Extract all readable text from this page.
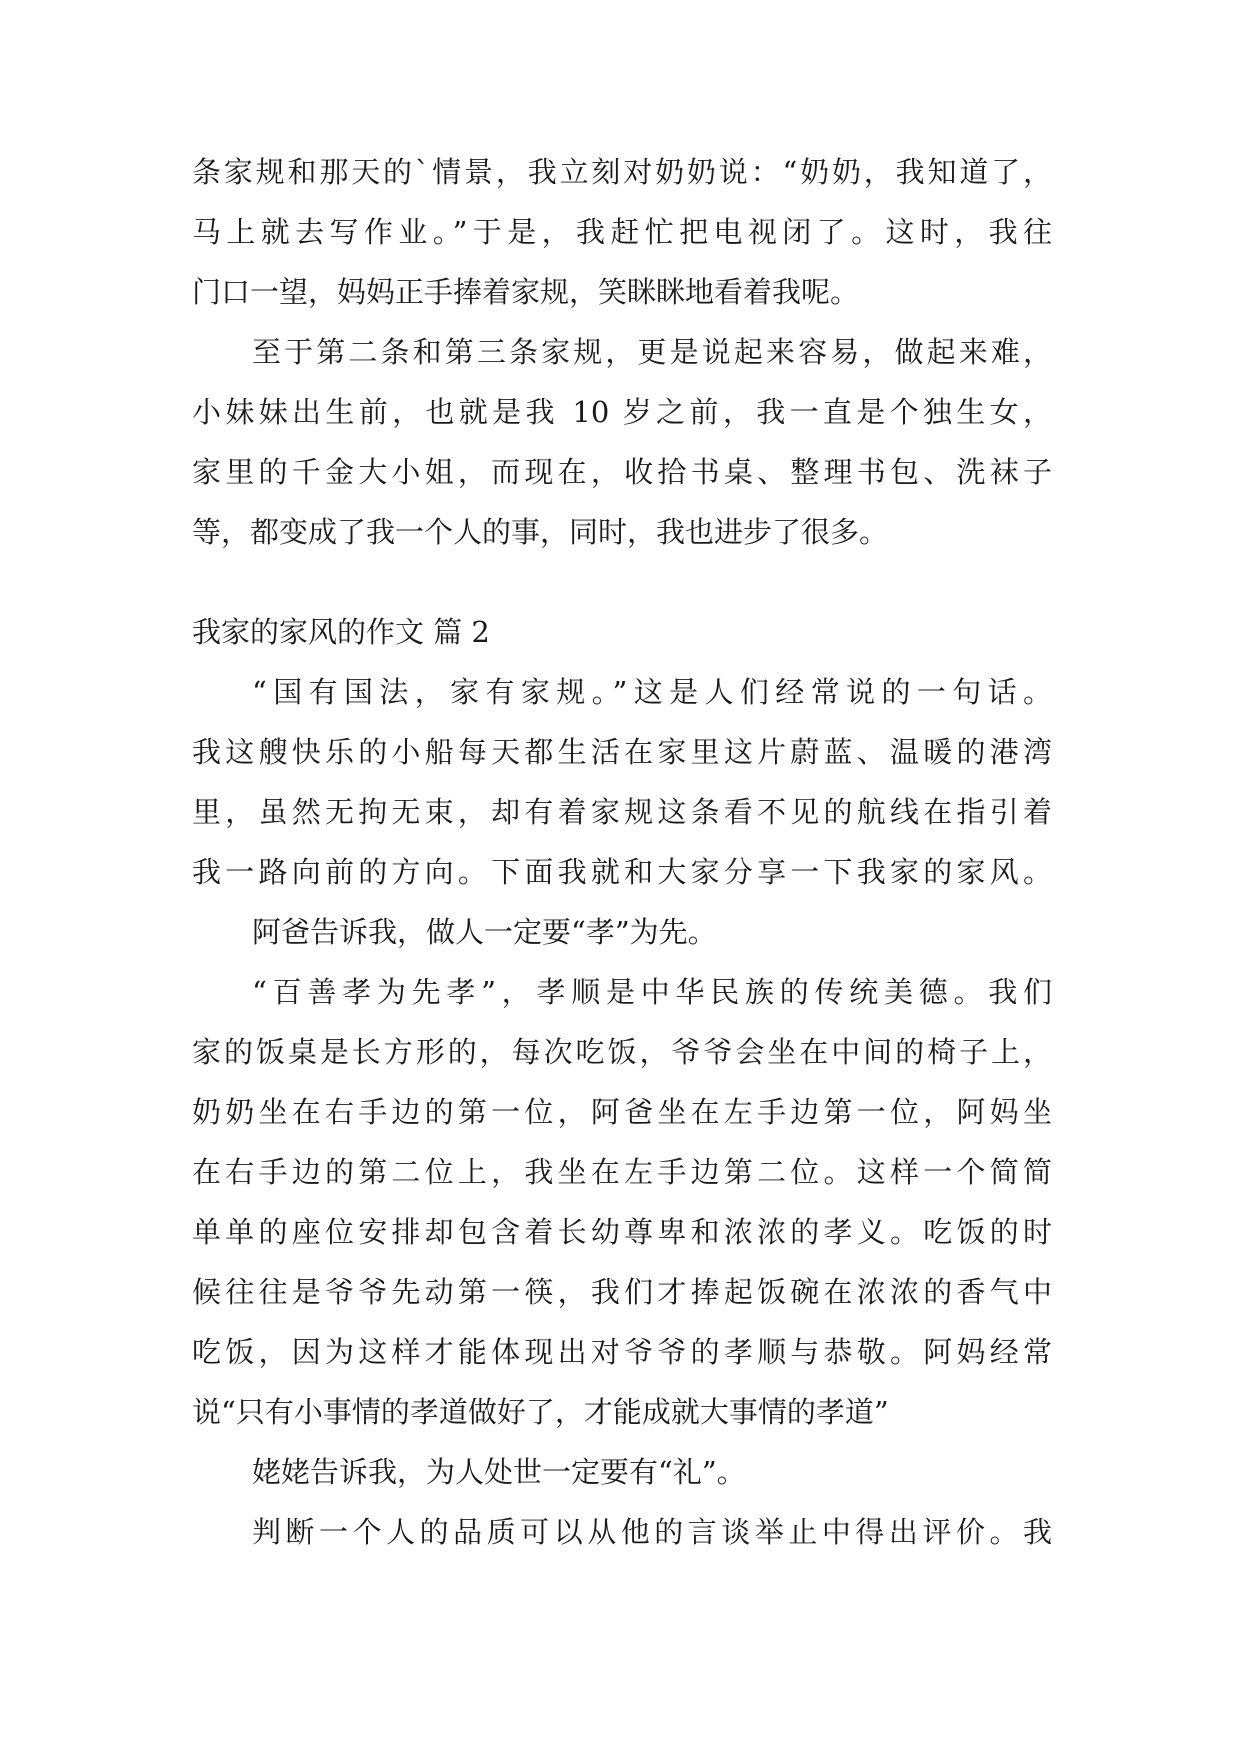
条家规和那天的`情景，我立刻对奶奶说：“奶奶，我知道了，
马上就去写作业。”于是，我赶忙把电视闭了。这时，我往
门口一望，妈妈正手捧着家规，笑眯眯地看着我呢。
至于第二条和第三条家规，更是说起来容易，做起来难，
小妹妹出生前，也就是我 10 岁之前，我一直是个独生女，
家里的千金大小姐，而现在，收拾书桌、整理书包、洗袜子
等，都变成了我一个人的事，同时，我也进步了很多。
我家的家风的作文 篇 2
“国有国法，家有家规。”这是人们经常说的一句话。
我这艘快乐的小船每天都生活在家里这片蔚蓝、温暖的港湾
里，虽然无拘无束，却有着家规这条看不见的航线在指引着
我一路向前的方向。下面我就和大家分享一下我家的家风。
阿爸告诉我，做人一定要“孝”为先。
“百善孝为先孝”，孝顺是中华民族的传统美德。我们
家的饭桌是长方形的，每次吃饭，爷爷会坐在中间的椅子上，
奶奶坐在右手边的第一位，阿爸坐在左手边第一位，阿妈坐
在右手边的第二位上，我坐在左手边第二位。这样一个简简
单单的座位安排却包含着长幼尊卑和浓浓的孝义。吃饭的时
候往往是爷爷先动第一筷，我们才捧起饭碗在浓浓的香气中
吃饭，因为这样才能体现出对爷爷的孝顺与恭敬。阿妈经常
说“只有小事情的孝道做好了，才能成就大事情的孝道”
姥姥告诉我，为人处世一定要有“礼”。
判断一个人的品质可以从他的言谈举止中得出评价。我
